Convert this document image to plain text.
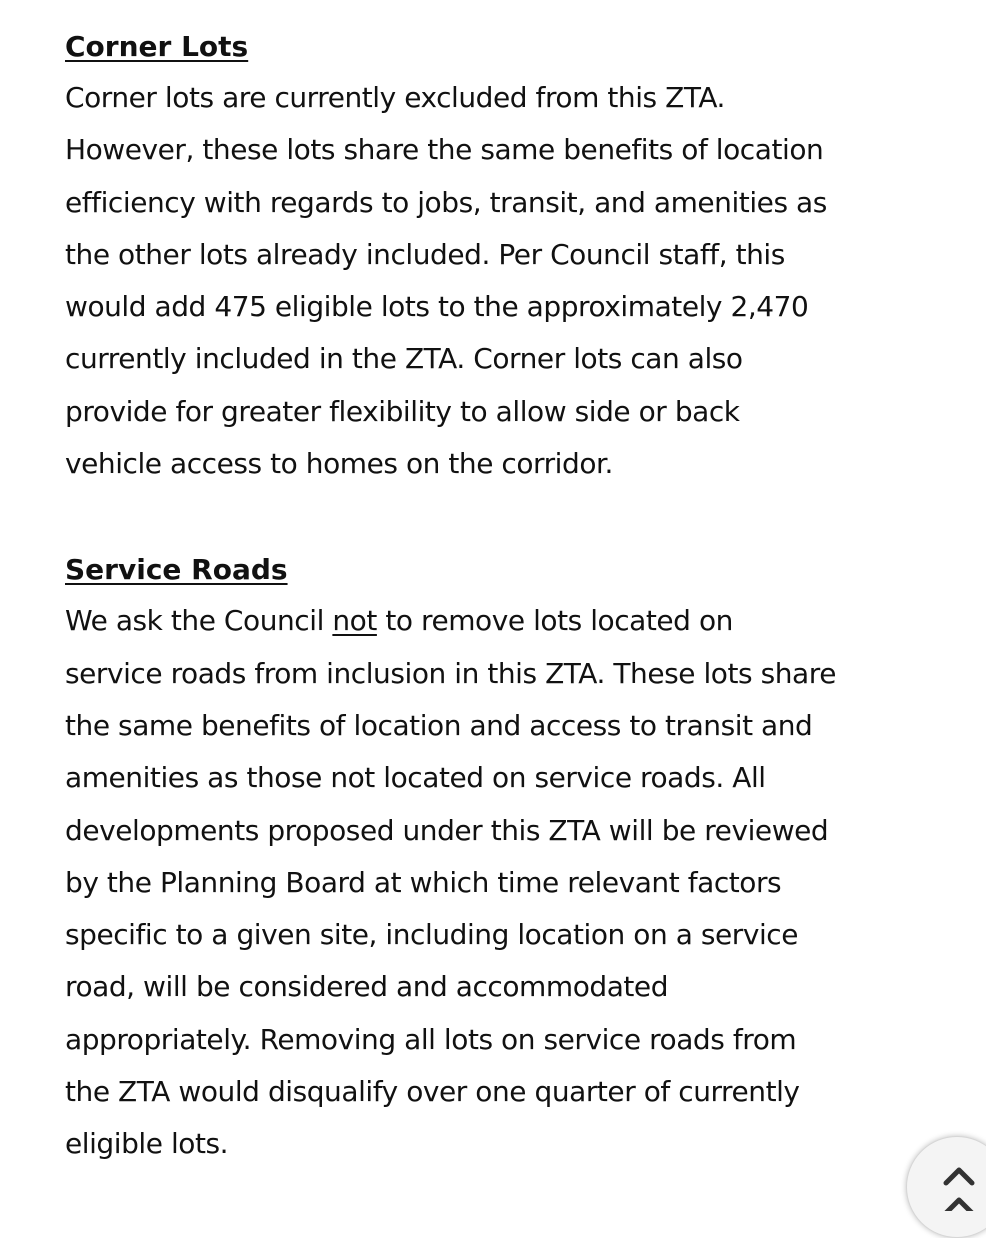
Corner Lots
Corner lots are currently excluded from this ZTA.
However, these lots share the same benefits of location
efficiency with regards to jobs, transit, and amenities as
the other lots already included. Per Council staff, this
would add 475 eligible lots to the approximately 2,470
currently included in the ZTA. Corner lots can also
provide for greater flexibility to allow side or back
vehicle access to homes on the corridor.
Service Roads
We ask the Council not to remove lots located on
service roads from inclusion in this ZTA. These lots share
the same benefits of location and access to transit and
amenities as those not located on service roads. All
developments proposed under this ZTA will be reviewed
by the Planning Board at which time relevant factors
specific to a given site, including location on a service
road, will be considered and accommodated
appropriately. Removing all lots on service roads from
the ZTA would disqualify over one quarter of currently
eligible lots.
